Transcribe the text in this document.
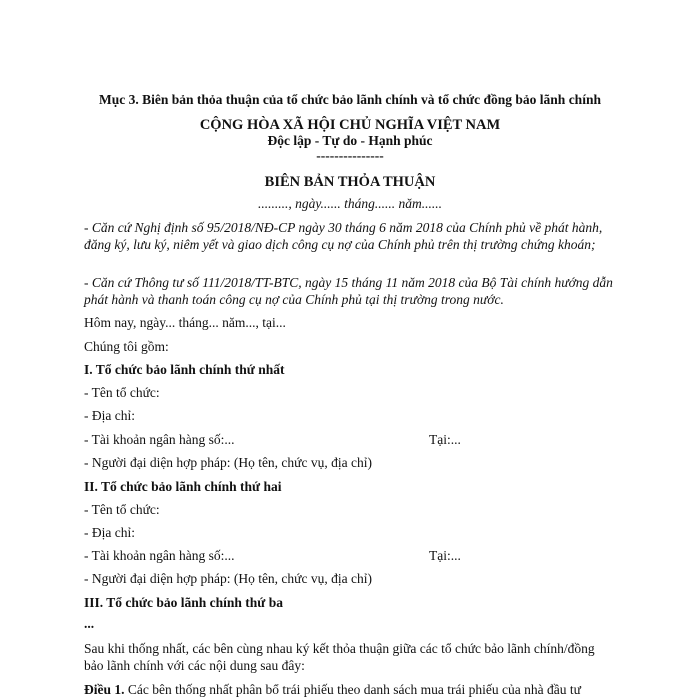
Mục 3. Biên bản thỏa thuận của tổ chức bảo lãnh chính và tổ chức đồng bảo lãnh chính
CỘNG HÒA XÃ HỘI CHỦ NGHĨA VIỆT NAM
Độc lập - Tự do - Hạnh phúc
---------------
BIÊN BẢN THỎA THUẬN
........., ngày...... tháng...... năm......
- Căn cứ Nghị định số 95/2018/NĐ-CP ngày 30 tháng 6 năm 2018 của Chính phủ về phát hành, đăng ký, lưu ký, niêm yết và giao dịch công cụ nợ của Chính phủ trên thị trường chứng khoán;
- Căn cứ Thông tư số 111/2018/TT-BTC, ngày 15 tháng 11 năm 2018 của Bộ Tài chính hướng dẫn phát hành và thanh toán công cụ nợ của Chính phủ tại thị trường trong nước.
Hôm nay, ngày... tháng... năm..., tại...
Chúng tôi gồm:
I. Tổ chức bảo lãnh chính thứ nhất
- Tên tổ chức:
- Địa chỉ:
- Tài khoản ngân hàng số:...	Tại:...
- Người đại diện hợp pháp: (Họ tên, chức vụ, địa chỉ)
II. Tổ chức bảo lãnh chính thứ hai
- Tên tổ chức:
- Địa chỉ:
- Tài khoản ngân hàng số:...	Tại:...
- Người đại diện hợp pháp: (Họ tên, chức vụ, địa chỉ)
III. Tổ chức bảo lãnh chính thứ ba
...
Sau khi thống nhất, các bên cùng nhau ký kết thỏa thuận giữa các tổ chức bảo lãnh chính/đồng bảo lãnh chính với các nội dung sau đây:
Điều 1. Các bên thống nhất phân bổ trái phiếu theo danh sách mua trái phiếu của nhà đầu tư
